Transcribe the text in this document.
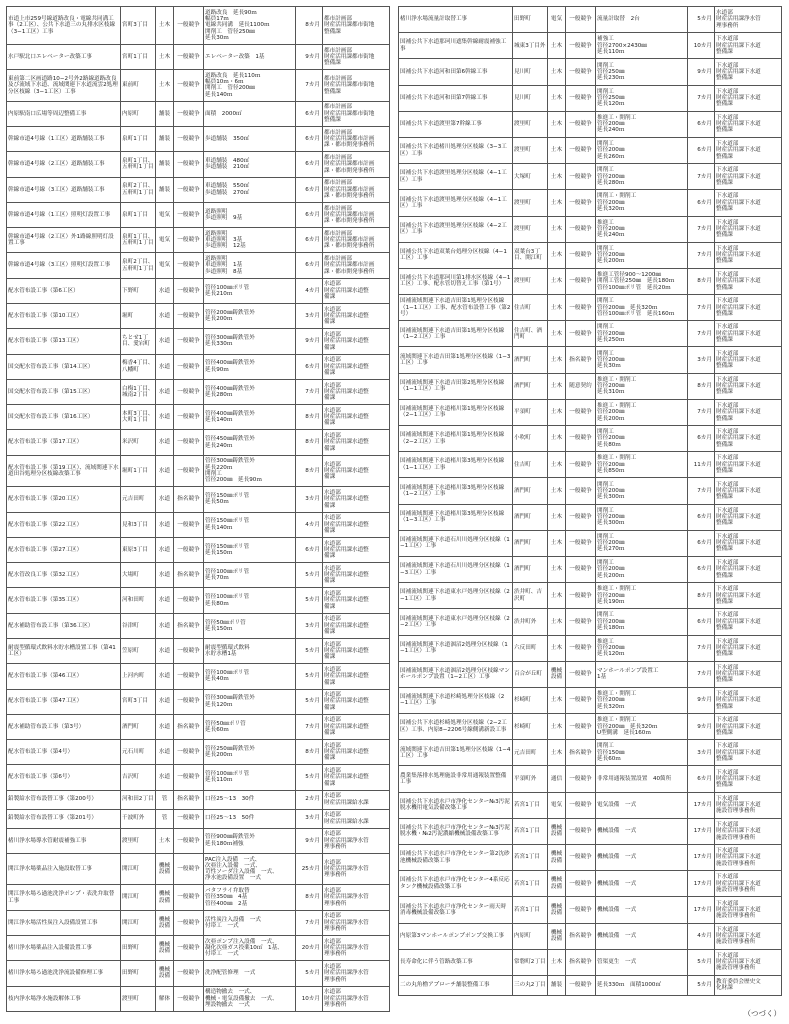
市道上市259号線道路改良・電線共同溝工事（2工区）、公共下水道三の丸排水区枝線（3−1工区）工事	宮町3丁目	土木	一般競争	道路改良　延長90ｍ
幅員17ｍ
電線共同溝　延長1100ｍ
開削工　管径250㎜
延長30ｍ	8カ月	都市計画部
財産活用課都市街地
整備課
水戸駅北口エレベーター改築工事	宮町1丁目	土木	一般競争	エレベーター改築　1基	9カ月	都市計画部
財産活用課都市街地
整備課
東前第二区画道路10−2号外2路線道路改良及び流域下水道、流域関連下水道流雲2処理分区枝線（3−1工区）工事	東前町	土木	一般競争	道路改良　延長110ｍ
幅員10ｍ・6ｍ
開削工　管径200㎜
延長140ｍ	7カ月	都市計画部
財産活用課都市街地
整備課
内原駅南口広場等周辺整備工事	内原町	舗装	一般競争	面積　2000㎡	6カ月	都市計画部
財産活用課都市街地
整備課
幹線市道4号線（1工区）道路舗装工事	泉町1丁目	舗装	一般競争	歩道舗装　350㎡	6カ月	都市計画部
財産活用課都市計画
課・都市開発事務所
幹線市道4号線（2工区）道路舗装工事	泉町1丁目、五軒町1丁目	舗装	一般競争	車道舗装　480㎡
歩道舗装　210㎡	6カ月	都市計画部
財産活用課都市計画
課・都市開発事務所
幹線市道4号線（3工区）道路舗装工事	泉町2丁目、五軒町1丁目	舗装	一般競争	車道舗装　550㎡
歩道舗装　270㎡	6カ月	都市計画部
財産活用課都市計画
課・都市開発事務所
幹線市道4号線（1工区）照明灯設置工事	泉町1丁目	電気	一般競争	道路照明
歩道照明　9基	6カ月	都市計画部
財産活用課都市計画
課・都市開発事務所
幹線市道4号線（2工区）外1路線照明灯設置工事	泉町1丁目、五軒町1丁目	電気	一般競争	道路照明
車道照明　3基
歩道照明　12基	6カ月	都市計画部
財産活用課都市計画
課・都市開発事務所
幹線市道4号線（3工区）照明灯設置工事	泉町2丁目、五軒町1丁目	電気	一般競争	道路照明
車道照明　1基
歩道照明　8基	6カ月	都市計画部
財産活用課都市計画
課・都市開発事務所
配水管布設工事（第6工区）	下野町	水道	一般競争	管径100㎜ポリ管
延長210ｍ	4カ月	水道部
財産活用課水道整
備課
配水管布設工事（第10工区）	堀町	水道	一般競争	管径200㎜鋳鉄管外
延長200ｍ	3カ月	水道部
財産活用課水道整
備課
配水管布設工事（第13工区）	ちとせ1丁目、愛宕町	水道	一般競争	管径300㎜鋳鉄管外
延長330ｍ	9カ月	水道部
財産活用課水道整
備課
国交配水管布設工事（第14工区）	梅香4丁目、八幡町	水道	一般競争	管径400㎜鋳鉄管外
延長90ｍ	6カ月	水道部
財産活用課水道整
備課
国交配水管布設工事（第15工区）	白梅1丁目、城南2丁目	水道	一般競争	管径400㎜鋳鉄管外
延長280ｍ	7カ月	水道部
財産活用課水道整
備課
国交配水管布設工事（第16工区）	本町3丁目、大町1丁目	水道	一般競争	管径400㎜鋳鉄管外
延長140ｍ	8カ月	水道部
財産活用課水道整
備課
配水管布設工事（第17工区）	米沢町	水道	一般競争	管径450㎜鋳鉄管外
延長240ｍ	8カ月	水道部
財産活用課水道整
備課
配水管布設工事（第19工区）、流域関連下水道田谷処理分区枝線改築工事	堀町1丁目	水道	一般競争	管径300㎜鋳鉄管外
延長220ｍ
開削工
管径200㎜　延長90ｍ	8カ月	水道部
財産活用課水道整
備課
配水管布設工事（第20工区）	元吉田町	水道	指名競争	管径150㎜ポリ管
延長50ｍ	3カ月	水道部
財産活用課水道整
備課
配水管布設工事（第22工区）	見和3丁目	水道	一般競争	管径150㎜ポリ管
延長140ｍ	4カ月	水道部
財産活用課水道整
備課
配水管布設工事（第27工区）	東原3丁目	水道	一般競争	管径150㎜ポリ管
延長150ｍ	6カ月	水道部
財産活用課水道整
備課
配水管改良工事（第32工区）	大場町	水道	指名競争	管径100㎜ポリ管
延長70ｍ	5カ月	水道部
財産活用課水道整
備課
配水管布設工事（第35工区）	河和田町	水道	一般競争	管径100㎜ポリ管
延長80ｍ	5カ月	水道部
財産活用課水道整
備課
配水補助管布設工事（第36工区）	谷津町	水道	指名競争	管径50㎜ポリ管
延長150ｍ	3カ月	水道部
財産活用課水道整
備課
耐震型循環式飲料水貯水槽設置工事（第41工区）	笠原町	水道	一般競争	耐震型循環式飲料
水貯水槽1基	5カ月	水道部
財産活用課水道整
備課
配水管布設工事（第46工区）	上河内町	水道	一般競争	管径100㎜ポリ管
延長40ｍ	5カ月	水道部
財産活用課水道整
備課
配水管布設工事（第47工区）	宮町3丁目	水道	一般競争	管径300㎜鋳鉄管外
延長120ｍ	5カ月	水道部
財産活用課水道整
備課
配水補助管布設工事（第3号）	酒門町	水道	指名競争	管径50㎜ポリ管
延長60ｍ	7カ月	水道部
財産活用課水道整
備課
配水管布設工事（第4号）	元石川町	水道	一般競争	管径250㎜鋳鉄管外
延長200ｍ	8カ月	水道部
財産活用課水道整
備課
配水管布設工事（第6号）	吉沢町	水道	一般競争	管径100㎜ポリ管
延長110ｍ	5カ月	水道部
財産活用課水道整
備課
鉛製給水管布設替工事（第200号）	河和田2丁目	管	指名競争	口径25〜13　30件	2カ月	水道部
財産活用課給水課
鉛製給水管布設替工事（第201号）	千波町外	管	一般競争	口径25〜13　50件	3カ月	水道部
財産活用課給水課
楮川浄水場導水管耐震補強工事	渡里町	土木	一般競争	管径900㎜鋳鉄管外
延長180ｍ補強	9カ月	水道部
財産活用課浄水管
理事務所
開江浄水場薬品注入施設取替工事	開江町	機械設備	一般競争	PAC注入設備　一式、
次亜注入設備　一式、
苛性ソーダ注入設備　一式、
浄水池設備設置　一式	25カ月	水道部
財産活用課浄水管
理事務所
開江浄水場ろ過池洗浄ポンプ・表洗弁取替工事	開江町	機械設備	一般競争	バタフライ弁取替
管径350㎜　4基
管径400㎜　2基	8カ月	水道部
財産活用課浄水管
理事務所
開江浄水場活性炭注入設備設置工事	開江町	機械設備	一般競争	活性炭注入設備　一式
付帯工　一式	7カ月	水道部
財産活用課浄水管
理事務所
楮川浄水場薬品注入設備設置工事	田野町	機械設備	一般競争	次亜ポンプ注入設備　一式、
凝化次亜ガス投薬10㎥　1基、
付帯工　一式	20カ月	水道部
財産活用課浄水管
理事務所
楮川浄水場ろ過池洗浄流設備修理工事	田野町	機械設備	一般競争	洗浄配管修理　一式	5カ月	水道部
財産活用課浄水管
理事務所
枝内浄水場浄水施設解体工事	渡里町	解体	一般競争	構造物撤去　一式、
機械・電気設備撤去　一式、
埋設物撤去　一式	10カ月	水道部
財産活用課浄水管
理事務所
楮川浄水場流量計取替工事	田野町	電気	一般競争	流量計取替　2台	5カ月	水道部
財産活用課浄水管
理事務所
国補公共下水道那珂川遮集幹線耐震補強工事	城東3丁目外	土木	一般競争	補強工
管径2700×2430㎜
延長110ｍ	10カ月	下水道部
財産活用課下水道
整備課
国補公共下水道河和田第6幹線工事	見川町	土木	一般競争	開削工
管径250㎜
延長230ｍ	9カ月	下水道部
財産活用課下水道
整備課
国補公共下水道河和田第7幹線工事	見川町	土木	一般競争	開削工
管径250㎜
延長120ｍ	7カ月	下水道部
財産活用課下水道
整備課
国補公共下水道渡里第7幹線工事	渡里町	土木	一般競争	推進工・開削工
管径200㎜
延長240ｍ	6カ月	下水道部
財産活用課下水道
整備課
国補公共下水道楮川処理分区枝線（3−3工区）工事	渡里町	土木	一般競争	開削工
管径200㎜
延長260ｍ	6カ月	下水道部
財産活用課下水道
整備課
国補公共下水道渡里処理分区枝線（4−1工区）工事	大塚町	土木	一般競争	開削工
管径200㎜
延長280ｍ	7カ月	下水道部
財産活用課下水道
整備課
国補公共下水道渡里処理分区枝線（4−1工区）工事	渡里町	土木	一般競争	開削工・開削工
管径200㎜
延長320ｍ	6カ月	下水道部
財産活用課下水道
整備課
国補公共下水道渡里処理分区枝線（4−2工区）工事	渡里町	土木	一般競争	推進工
管径200㎜
延長240ｍ	7カ月	下水道部
財産活用課下水道
整備課
国補公共下水道双葉台処理分区枝線（4−1工区）工事	双葉台3丁目、開江町	土木	一般競争	開削工
管径200㎜
延長200ｍ	7カ月	下水道部
財産活用課下水道
整備課
国補公共下水道那珂川第1排水区枝線（4−1工区）工事、配水管切替え工事（第1号）	渡里町	土木	一般競争	推進工管径900〜1200㎜
開削工管径250㎜　延長180ｍ
管径100㎜ポリ管　延長20ｍ	8カ月	下水道部
財産活用課下水道
整備課
国補流域関連下水道吉田第1処理分区枝線（1−1工区）工事、配水管布設替工事（第2号）	住吉町	土木	一般競争	開削工
管径200㎜　延長320ｍ
管径100㎜ポリ管　延長160ｍ	7カ月	下水道部
財産活用課下水道
整備課
国補流域関連下水道吉田第1処理分区枝線（1−2工区）工事	住吉町、酒門町	土木	一般競争	開削工
管径200㎜
延長250ｍ	7カ月	下水道部
財産活用課下水道
整備課
流域関連下水道吉田第1処理分区枝線（1−3工区）工事	酒門町	土木	指名競争	開削工
管径200㎜
延長30ｍ	3カ月	下水道部
財産活用課下水道
整備課
国補流域関連下水道吉田第2処理分区枝線（1−1工区）工事	酒門町	土木	随意契約	推進工・開削工
管径200㎜
延長310ｍ	8カ月	下水道部
財産活用課下水道
整備課
国補流域関連下水道楮川第1処理分区枝線（2−1工区）工事	平須町	土木	一般競争	推進工・開削工
管径200㎜
延長200ｍ	7カ月	下水道部
財産活用課下水道
整備課
国補流域関連下水道楮川第1処理分区枝線（2−2工区）工事	小吹町	土木	一般競争	開削工
管径200㎜
延長80ｍ	6カ月	下水道部
財産活用課下水道
整備課
国補流域関連下水道楮川第3処理分区枝線（1−1工区）工事	住吉町	土木	一般競争	推進工・開削工
管径200㎜
延長850ｍ	11カ月	下水道部
財産活用課下水道
整備課
国補流域関連下水道楮川第3処理分区枝線（1−2工区）工事	酒門町	土木	一般競争	開削工
管径200㎜
延長300ｍ	7カ月	下水道部
財産活用課下水道
整備課
国補流域関連下水道楮川第3処理分区枝線（1−3工区）工事	酒門町	土木	一般競争	開削工
管径200㎜
延長300ｍ	6カ月	下水道部
財産活用課下水道
整備課
国補流域関連下水道石川川処理分区枝線（1−1工区）工事	酒門町	土木	一般競争	開削工
管径200㎜
延長270ｍ	6カ月	下水道部
財産活用課下水道
整備課
国補流域関連下水道石川川処理分区枝線（1−3工区）工事	酒門町	土木	一般競争	開削工
管径200㎜
延長200ｍ	6カ月	下水道部
財産活用課下水道
整備課
国補流域関連下水道東水戸処理分区枝線（2−1工区）工事	渋井町、吉沢町	土木	一般競争	推進工・開削工
管径200㎜
延長190ｍ	8カ月	下水道部
財産活用課下水道
整備課
国補流域関連下水道東水戸処理分区枝線（2−2工区）工事	渋井町外	土木	一般競争	開削工
管径200㎜
延長180ｍ	6カ月	下水道部
財産活用課下水道
整備課
国補流域関連下水道涸沼2処理分区枝線（1−1工区）工事	六反田町	土木	一般競争	推進工
管径200㎜
延長120ｍ	7カ月	下水道部
財産活用課下水道
整備課
国補流域関連下水道涸沼2処理分区枝線マンホールポンプ設置（1−2工区）工事	百合が丘町	機械設備	一般競争	マンホールポンプ設置工
1基	7カ月	下水道部
財産活用課下水道
整備課
国補流域関連下水道杉崎処理分区枝線（2−1工区）工事	杉崎町	土木	一般競争	推進工・開削工
管径200㎜
延長320ｍ	9カ月	下水道部
財産活用課下水道
整備課
国補公共下水道杉崎処理分区枝線（2−2工区）工事、内原8−2206号線側溝新設工事	杉崎町	土木	一般競争	推進工・開削工
管径200㎜　延長320ｍ
U型側溝　延長160ｍ	9カ月	下水道部
財産活用課下水道
整備課
流域関連下水道吉田第1処理分区枝線（1−4工区）工事	元吉田町	土木	指名競争	開削工
管径150㎜
延長60ｍ	3カ月	下水道部
財産活用課下水道
整備課
農業集落排水処理施設非常用通報装置整備工事	平須町外	通信	一般競争	非常用通報装置設置　40箇所	6カ月	下水道部
財産活用課下水道
整備課
国補公共下水道水戸市浄化センター№3汚泥脱水機用電気設備改築工事	若宮1丁目	電気	一般競争	電気設備　一式	17カ月	下水道部
財産活用課下水道
施設管理事務所
国補公共下水道水戸市浄化センター№3汚泥脱水機・№2汚泥濃縮機械設備改築工事	若宮1丁目	機械設備	一般競争	機械設備　一式	17カ月	下水道部
財産活用課下水道
施設管理事務所
国補公共下水道水戸市浄化センター第2沈砂池機械設備改築工事	若宮1丁目	機械設備	一般競争	機械設備　一式	17カ月	下水道部
財産活用課下水道
施設管理事務所
国補公共下水道水戸市浄化センター4系反応タンク機械設備改築工事	若宮1丁目	機械設備	一般競争	機械設備　一式	17カ月	下水道部
財産活用課下水道
施設管理事務所
国補公共下水道水戸市浄化センター雨天時消毒機械設備改築工事	若宮1丁目	機械設備	一般競争	機械設備　一式	17カ月	下水道部
財産活用課下水道
施設管理事務所
内原第3マンホールポンプポンプ交換工事	内原町	機械設備	指名競争	機械設備　一式	4カ月	下水道部
財産活用課下水道
施設管理事務所
長寿命化に伴う管路改築工事	常磐町2丁目	土木	指名競争	管渠更生　一式	5カ月	下水道部
財産活用課下水道
施設管理事務所
二の丸角櫓アプローチ舗装整備工事	三の丸2丁目	舗装	一般競争	延長330ｍ　面積1000㎡	5カ月	教育委員会歴史文
化財課
（つづく）
